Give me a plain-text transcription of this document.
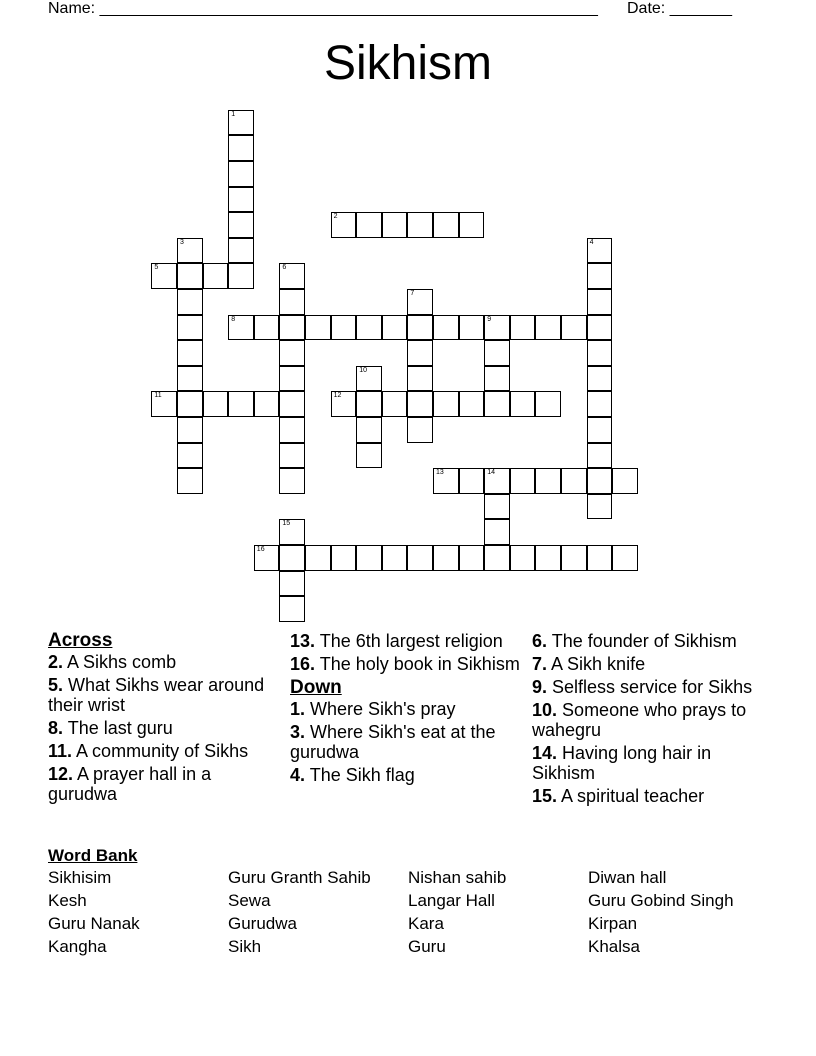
Name: ________________________________________________________ Date: _______
Sikhism
1
2
3	4
5	6
7
8	9
10
11	12
13	14
15
16
Across
2. A Sikhs comb
5. What Sikhs wear around their wrist
8. The last guru
11. A community of Sikhs
12. A prayer hall in a gurudwa
13. The 6th largest religion
16. The holy book in Sikhism
Down
1. Where Sikh's pray
3. Where Sikh's eat at the gurudwa
4. The Sikh flag
6. The founder of Sikhism
7. A Sikh knife
9. Selfless service for Sikhs
10. Someone who prays to wahegru
14. Having long hair in Sikhism
15. A spiritual teacher
Word Bank
Sikhisim	Guru Granth Sahib	Nishan sahib	Diwan hall
Kesh	Sewa	Langar Hall	Guru Gobind Singh
Guru Nanak	Gurudwa	Kara	Kirpan
Kangha	Sikh	Guru	Khalsa
